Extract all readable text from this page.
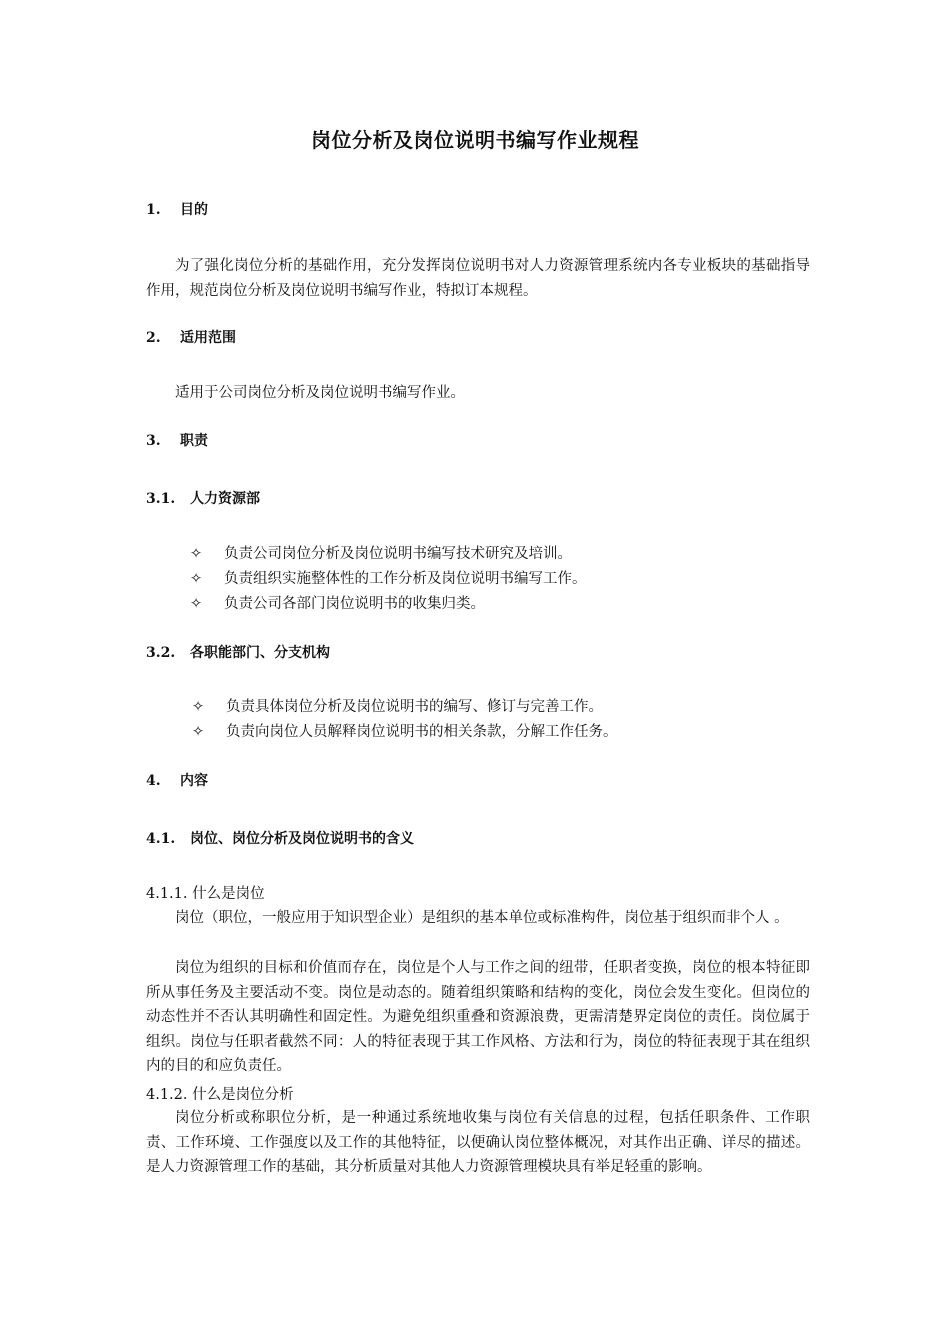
岗位分析及岗位说明书编写作业规程
1. 目的
为了强化岗位分析的基础作用，充分发挥岗位说明书对人力资源管理系统内各专业板块的基础指导作用，规范岗位分析及岗位说明书编写作业，特拟订本规程。
2. 适用范围
适用于公司岗位分析及岗位说明书编写作业。
3. 职责
3.1. 人力资源部
✧ 负责公司岗位分析及岗位说明书编写技术研究及培训。
✧ 负责组织实施整体性的工作分析及岗位说明书编写工作。
✧ 负责公司各部门岗位说明书的收集归类。
3.2. 各职能部门、分支机构
✧ 负责具体岗位分析及岗位说明书的编写、修订与完善工作。
✧ 负责向岗位人员解释岗位说明书的相关条款，分解工作任务。
4. 内容
4.1. 岗位、岗位分析及岗位说明书的含义
4.1.1. 什么是岗位
岗位（职位，一般应用于知识型企业）是组织的基本单位或标准构件，岗位基于组织而非个人 。
岗位为组织的目标和价值而存在，岗位是个人与工作之间的纽带，任职者变换，岗位的根本特征即所从事任务及主要活动不变。岗位是动态的。随着组织策略和结构的变化，岗位会发生变化。但岗位的动态性并不否认其明确性和固定性。为避免组织重叠和资源浪费，更需清楚界定岗位的责任。岗位属于组织。岗位与任职者截然不同：人的特征表现于其工作风格、方法和行为，岗位的特征表现于其在组织内的目的和应负责任。
4.1.2. 什么是岗位分析
岗位分析或称职位分析，是一种通过系统地收集与岗位有关信息的过程，包括任职条件、工作职责、工作环境、工作强度以及工作的其他特征，以便确认岗位整体概况，对其作出正确、详尽的描述。是人力资源管理工作的基础，其分析质量对其他人力资源管理模块具有举足轻重的影响。
